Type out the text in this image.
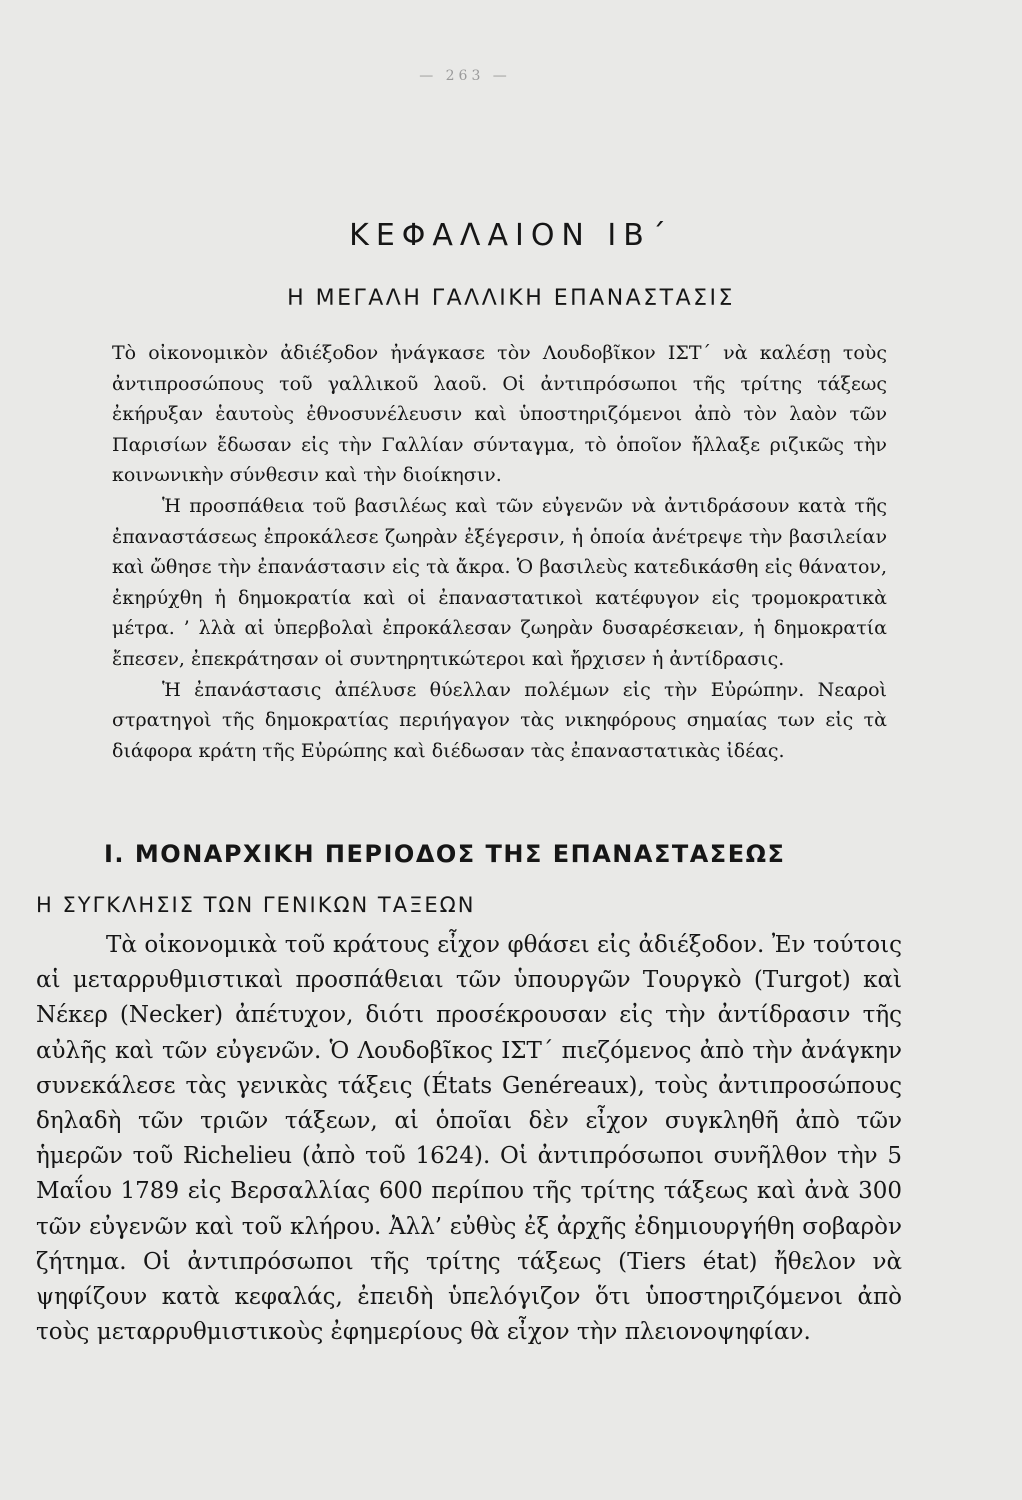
— 263 —
ΚΕΦΑΛΑΙΟΝ ΙΒ΄
Η ΜΕΓΑΛΗ ΓΑΛΛΙΚΗ ΕΠΑΝΑΣΤΑΣΙΣ

Τὸ οἰκονομικὸν ἀδιέξοδον ἠνάγκασε τὸν Λουδοβῖκον ΙΣΤ΄ νὰ καλέσῃ τοὺς ἀντιπροσώπους τοῦ γαλλικοῦ λαοῦ. Οἱ ἀντιπρόσωποι τῆς τρίτης τάξεως ἐκήρυξαν ἑαυτοὺς ἐθνοσυνέλευσιν καὶ ὑποστηριζόμενοι ἀπὸ τὸν λαὸν τῶν Παρισίων ἔδωσαν εἰς τὴν Γαλλίαν σύνταγμα, τὸ ὁποῖον ἤλλαξε ριζικῶς τὴν κοινωνικὴν σύνθεσιν καὶ τὴν διοίκησιν.

Ἡ προσπάθεια τοῦ βασιλέως καὶ τῶν εὐγενῶν νὰ ἀντιδράσουν κατὰ τῆς ἐπαναστάσεως ἐπροκάλεσε ζωηρὰν ἐξέγερσιν, ἡ ὁποία ἀνέτρεψε τὴν βασιλείαν καὶ ὤθησε τὴν ἐπανάστασιν εἰς τὰ ἄκρα. Ὁ βασιλεὺς κατεδικάσθη εἰς θάνατον, ἐκηρύχθη ἡ δημοκρατία καὶ οἱ ἐπαναστατικοὶ κατέφυγον εἰς τρομοκρατικὰ μέτρα. ’ λλὰ αἱ ὑπερβολαὶ ἐπροκάλεσαν ζωηρὰν δυσαρέσκειαν, ἡ δημοκρατία ἔπεσεν, ἐπεκράτησαν οἱ συντηρητικώτεροι καὶ ἤρχισεν ἡ ἀντίδρασις.

Ἡ ἐπανάστασις ἀπέλυσε θύελλαν πολέμων εἰς τὴν Εὐρώπην. Νεαροὶ στρατηγοὶ τῆς δημοκρατίας περιήγαγον τὰς νικηφόρους σημαίας των εἰς τὰ διάφορα κράτη τῆς Εὐρώπης καὶ διέδωσαν τὰς ἐπαναστατικὰς ἰδέας.

Ι. ΜΟΝΑΡΧΙΚΗ ΠΕΡΙΟΔΟΣ ΤΗΣ ΕΠΑΝΑΣΤΑΣΕΩΣ
Η ΣΥΓΚΛΗΣΙΣ ΤΩΝ ΓΕΝΙΚΩΝ ΤΑΞΕΩΝ

Τὰ οἰκονομικὰ τοῦ κράτους εἶχον φθάσει εἰς ἀδιέξοδον. Ἐν τούτοις αἱ μεταρρυθμιστικαὶ προσπάθειαι τῶν ὑπουργῶν Τουργκὸ (Turgot) καὶ Νέκερ (Necker) ἀπέτυχον, διότι προσέκρουσαν εἰς τὴν ἀντίδρασιν τῆς αὐλῆς καὶ τῶν εὐγενῶν. Ὁ Λουδοβῖκος ΙΣΤ΄ πιεζόμενος ἀπὸ τὴν ἀνάγκην συνεκάλεσε τὰς γενικὰς τάξεις (États Genéreaux), τοὺς ἀντιπροσώπους δηλαδὴ τῶν τριῶν τάξεων, αἱ ὁποῖαι δὲν εἶχον συγκληθῆ ἀπὸ τῶν ἡμερῶν τοῦ Richelieu (ἀπὸ τοῦ 1624). Οἱ ἀντιπρόσωποι συνῆλθον τὴν 5 Μαΐου 1789 εἰς Βερσαλλίας 600 περίπου τῆς τρίτης τάξεως καὶ ἀνὰ 300 τῶν εὐγενῶν καὶ τοῦ κλήρου. Ἀλλ’ εὐθὺς ἐξ ἀρχῆς ἐδημιουργήθη σοβαρὸν ζήτημα. Οἱ ἀντιπρόσωποι τῆς τρίτης τάξεως (Tiers état) ἤθελον νὰ ψηφίζουν κατὰ κεφαλάς, ἐπειδὴ ὑπελόγιζον ὅτι ὑποστηριζόμενοι ἀπὸ τοὺς μεταρρυθμιστικοὺς ἐφημερίους θὰ εἶχον τὴν πλειονοψηφίαν.
